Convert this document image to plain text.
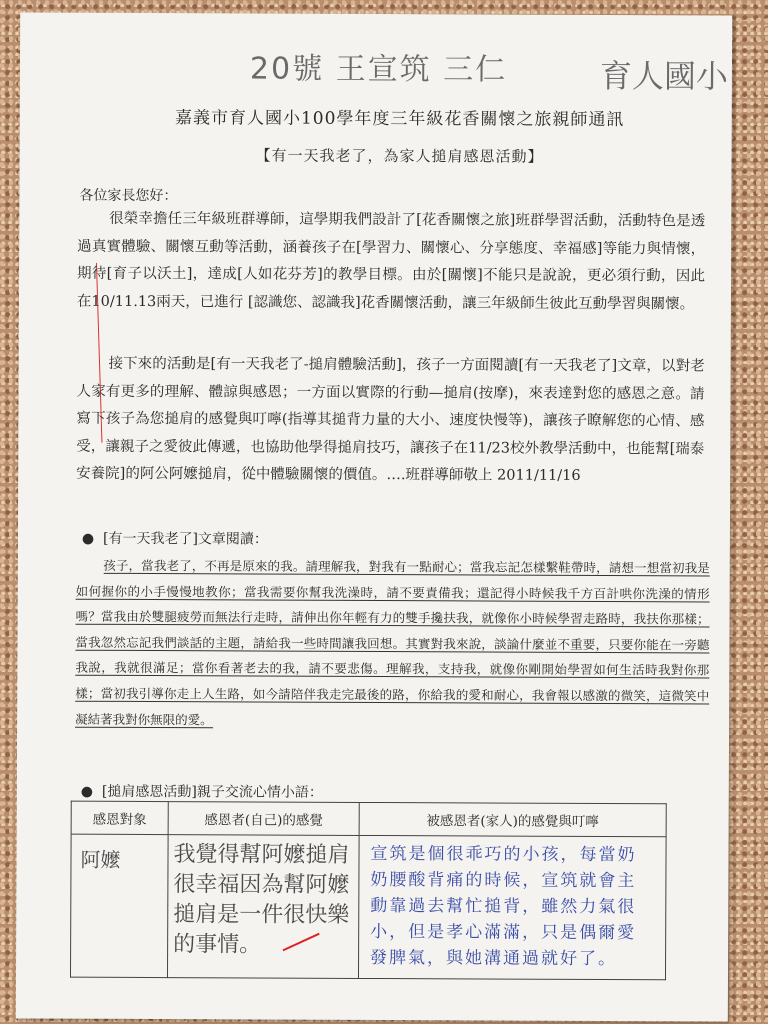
20號 王宣筑 三仁	育人國小
嘉義市育人國小100學年度三年級花香關懷之旅親師通訊
【有一天我老了，為家人搥肩感恩活動】
各位家長您好：
很榮幸擔任三年級班群導師，這學期我們設計了[花香關懷之旅]班群學習活動，活動特色是透過真實體驗、關懷互動等活動，涵養孩子在[學習力、關懷心、分享態度、幸福感]等能力與情懷，期待[育子以沃土]，達成[人如花芬芳]的教學目標。由於[關懷]不能只是說說，更必須行動，因此在10/11.13兩天，已進行 [認識您、認識我]花香關懷活動，讓三年級師生彼此互動學習與關懷。
接下來的活動是[有一天我老了-搥肩體驗活動]，孩子一方面閱讀[有一天我老了]文章，以對老人家有更多的理解、體諒與感恩；一方面以實際的行動—搥肩(按摩)，來表達對您的感恩之意。請寫下孩子為您搥肩的感覺與叮嚀(指導其搥背力量的大小、速度快慢等)，讓孩子瞭解您的心情、感受，讓親子之愛彼此傳遞，也協助他學得搥肩技巧，讓孩子在11/23校外教學活動中，也能幫[瑞泰安養院]的阿公阿嬤搥肩，從中體驗關懷的價值。….班群導師敬上 2011/11/16
●  [有一天我老了]文章閱讀：
孩子，當我老了，不再是原來的我。請理解我，對我有一點耐心；當我忘記怎樣繫鞋帶時，請想一想當初我是如何握你的小手慢慢地教你；當我需要你幫我洗澡時，請不要責備我；還記得小時候我千方百計哄你洗澡的情形嗎？當我由於雙腿疲勞而無法行走時，請伸出你年輕有力的雙手攙扶我，就像你小時候學習走路時，我扶你那樣；當我忽然忘記我們談話的主題，請給我一些時間讓我回想。其實對我來說，談論什麼並不重要，只要你能在一旁聽我說，我就很滿足；當你看著老去的我，請不要悲傷。理解我，支持我，就像你剛開始學習如何生活時我對你那樣；當初我引導你走上人生路，如今請陪伴我走完最後的路，你給我的愛和耐心，我會報以感激的微笑，這微笑中凝結著我對你無限的愛。
●  [搥肩感恩活動]親子交流心情小語：
感恩對象	感恩者(自己)的感覺	被感恩者(家人)的感覺與叮嚀

阿嬤	我覺得幫阿嬤搥肩很幸福因為幫阿嬤搥肩是一件很快樂的事情。	宣筑是個很乖巧的小孩，每當奶奶腰酸背痛的時候，宣筑就會主動靠過去幫忙搥背，雖然力氣很小，但是孝心滿滿，只是偶爾愛發脾氣，與她溝通過就好了。
